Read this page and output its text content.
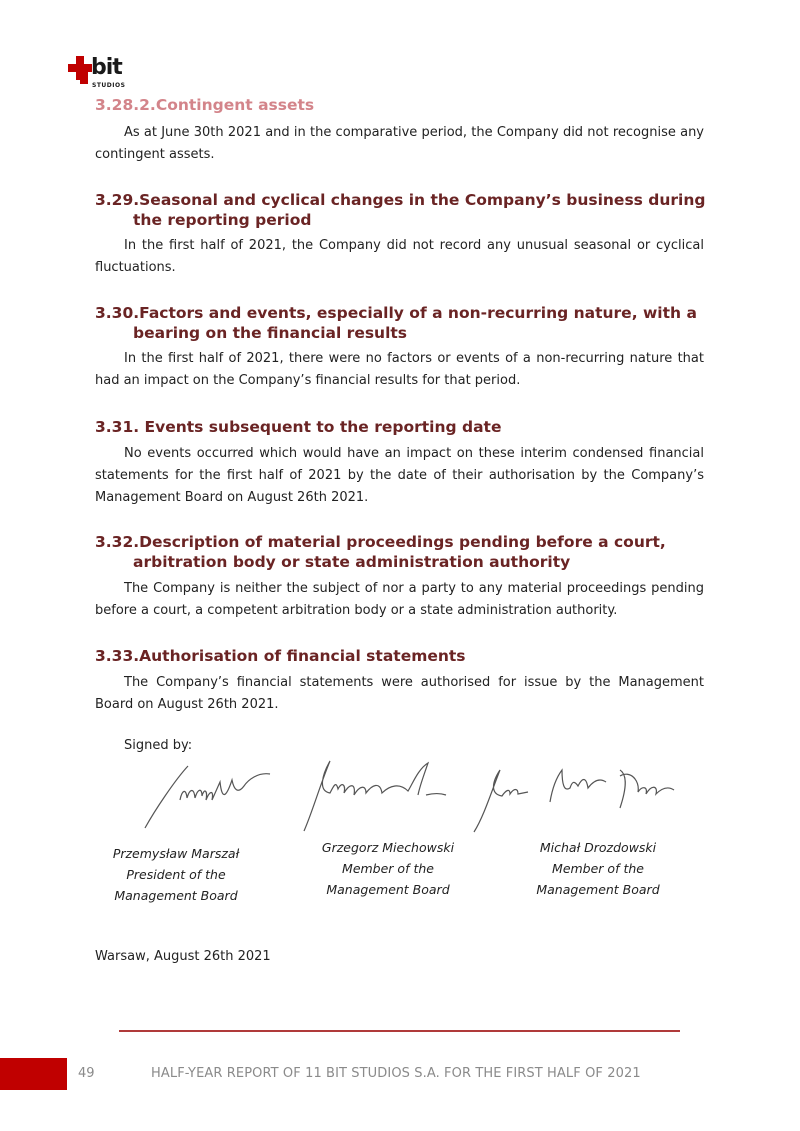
bit
STUDIOS
3.28.2.Contingent assets

As at June 30th 2021 and in the comparative period, the Company did not recognise any contingent assets.

3.29.Seasonal and cyclical changes in the Company’s business during
the reporting period

In the first half of 2021, the Company did not record any unusual seasonal or cyclical fluctuations.

3.30.Factors and events, especially of a non-recurring nature, with a
bearing on the financial results

In the first half of 2021, there were no factors or events of a non-recurring nature that had an impact on the Company’s financial results for that period.

3.31. Events subsequent to the reporting date

No events occurred which would have an impact on these interim condensed financial statements for the first half of 2021 by the date of their authorisation by the Company’s Management Board on August 26th 2021.

3.32.Description of material proceedings pending before a court,
arbitration body or state administration authority

The Company is neither the subject of nor a party to any material proceedings pending before a court, a competent arbitration body or a state administration authority.

3.33.Authorisation of financial statements

The Company’s financial statements were authorised for issue by the Management Board on August 26th 2021.

Signed by:
Przemysław Marszał
President of the
Management Board
Grzegorz Miechowski
Member of the
Management Board
Michał Drozdowski
Member of the
Management Board
Warsaw, August 26th 2021
49	HALF-YEAR REPORT OF 11 BIT STUDIOS S.A. FOR THE FIRST HALF OF 2021
